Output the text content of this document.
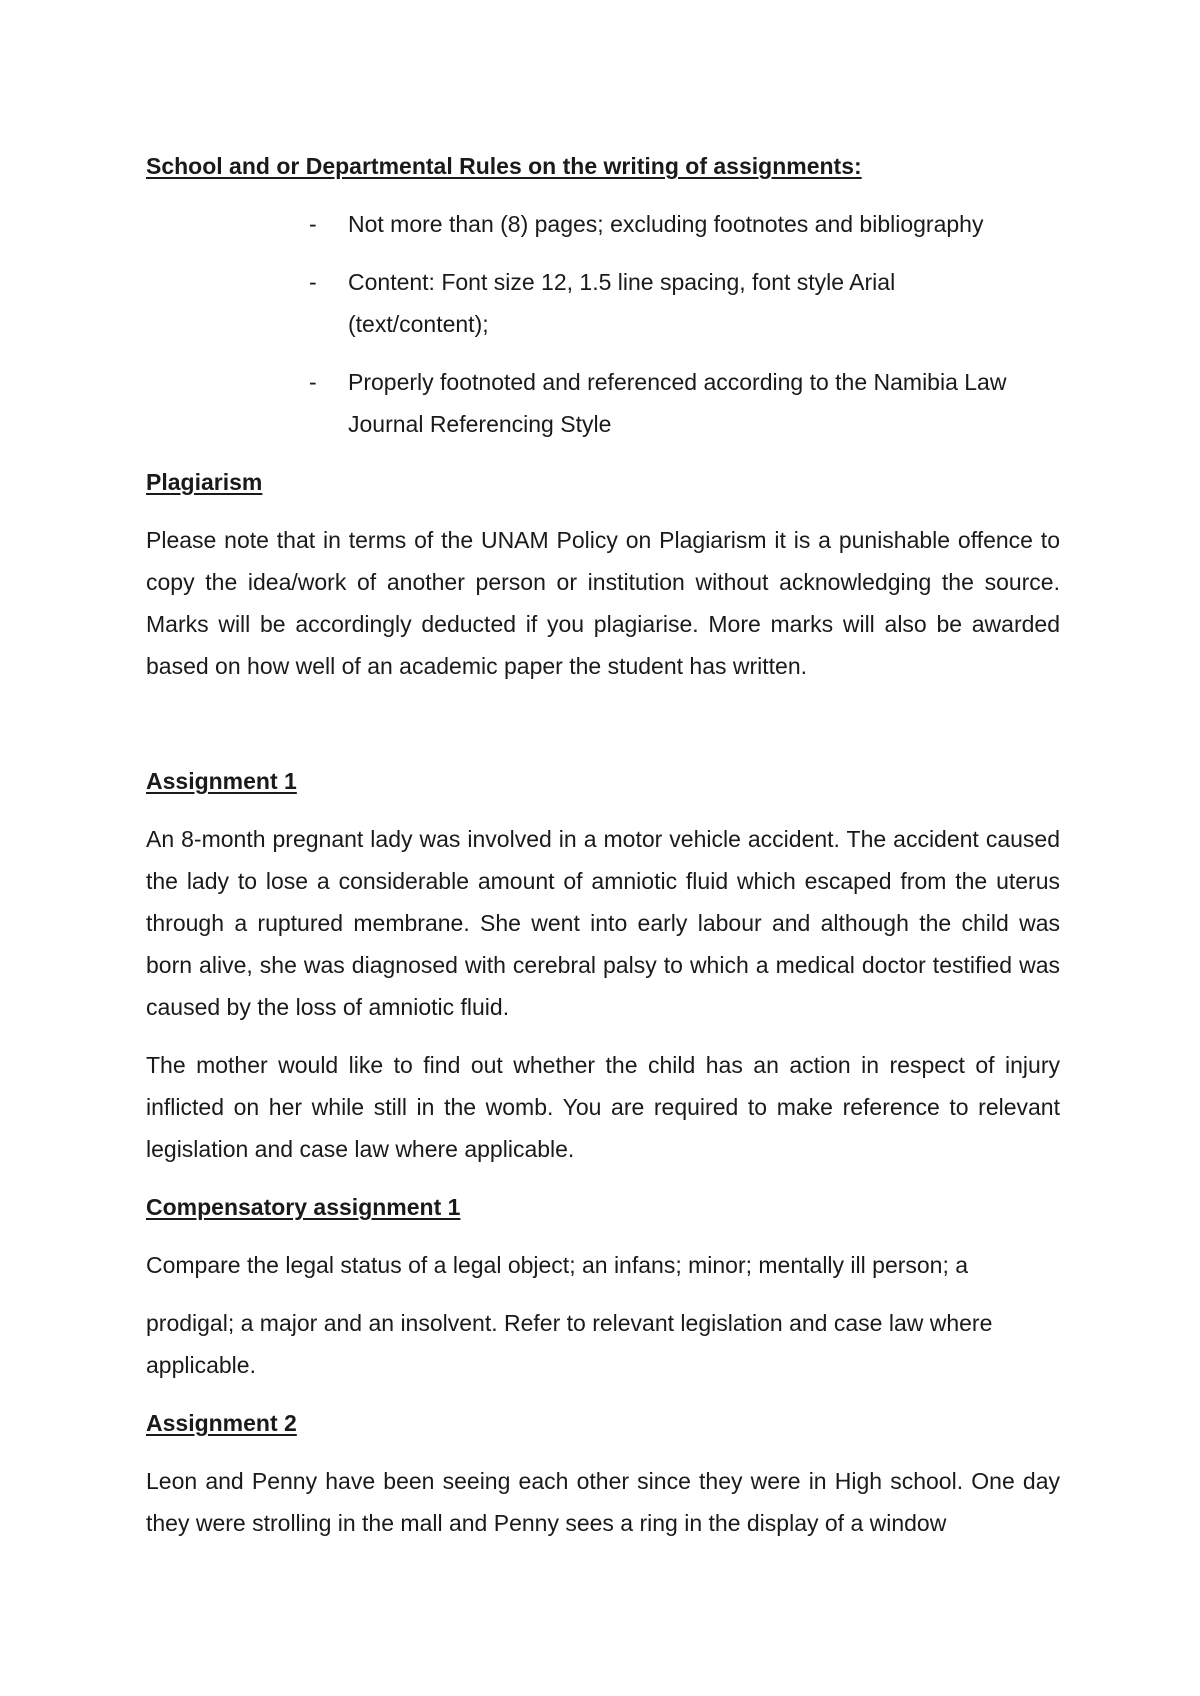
School and or Departmental Rules on the writing of assignments:

- Not more than (8) pages; excluding footnotes and bibliography
- Content: Font size 12, 1.5 line spacing, font style Arial (text/content);
- Properly footnoted and referenced according to the Namibia Law Journal Referencing Style

Plagiarism

Please note that in terms of the UNAM Policy on Plagiarism it is a punishable offence to copy the idea/work of another person or institution without acknowledging the source. Marks will be accordingly deducted if you plagiarise. More marks will also be awarded based on how well of an academic paper the student has written.

Assignment 1

An 8-month pregnant lady was involved in a motor vehicle accident. The accident caused the lady to lose a considerable amount of amniotic fluid which escaped from the uterus through a ruptured membrane. She went into early labour and although the child was born alive, she was diagnosed with cerebral palsy to which a medical doctor testified was caused by the loss of amniotic fluid.

The mother would like to find out whether the child has an action in respect of injury inflicted on her while still in the womb. You are required to make reference to relevant legislation and case law where applicable.

Compensatory assignment 1

Compare the legal status of a legal object; an infans; minor; mentally ill person; a

prodigal; a major and an insolvent. Refer to relevant legislation and case law where applicable.

Assignment 2

Leon and Penny have been seeing each other since they were in High school. One day they were strolling in the mall and Penny sees a ring in the display of a window
